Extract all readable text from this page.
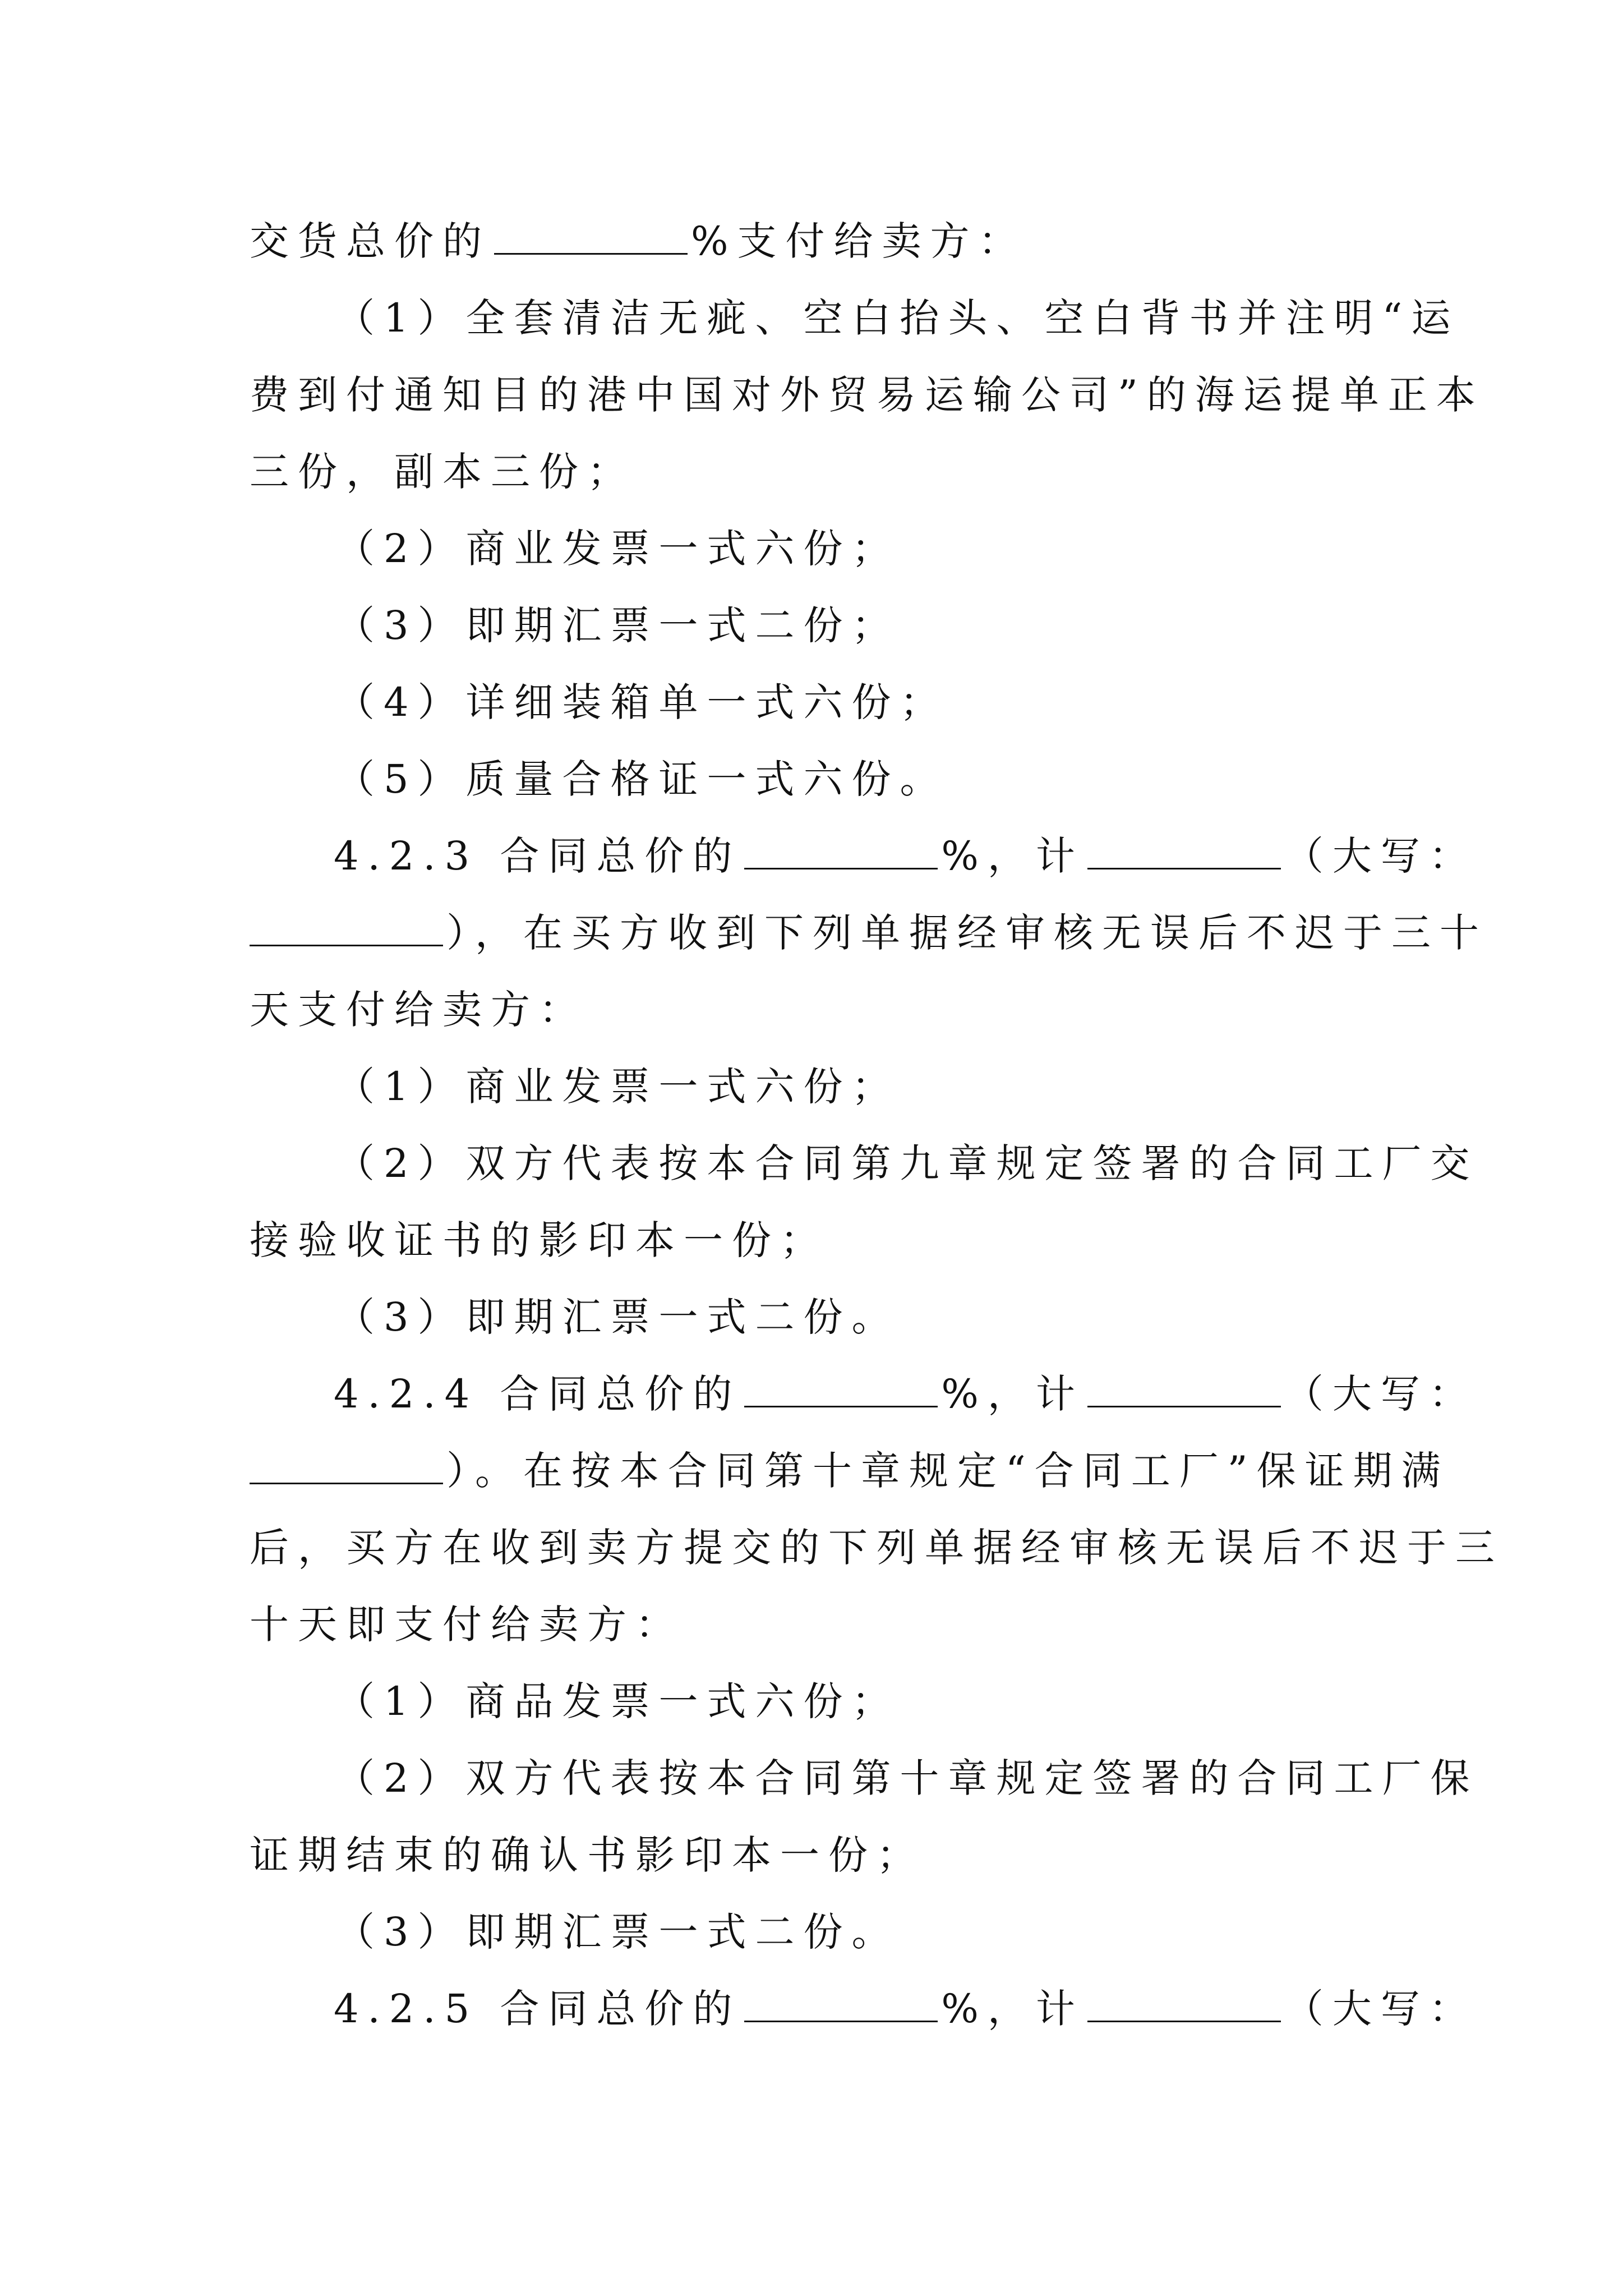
交货总价的	%支付给卖方：

（1）全套清洁无疵、空白抬头、空白背书并注明“运

费到付通知目的港中国对外贸易运输公司”的海运提单正本

三份，副本三份；

（2）商业发票一式六份；

（3）即期汇票一式二份；

（4）详细装箱单一式六份；

（5）质量合格证一式六份。

4.2.3 合同总价的	%，计	（大写：

），在买方收到下列单据经审核无误后不迟于三十

天支付给卖方：

（1）商业发票一式六份；

（2）双方代表按本合同第九章规定签署的合同工厂交

接验收证书的影印本一份；

（3）即期汇票一式二份。

4.2.4 合同总价的	%，计	（大写：

）。在按本合同第十章规定“合同工厂”保证期满

后，买方在收到卖方提交的下列单据经审核无误后不迟于三

十天即支付给卖方：

（1）商品发票一式六份；

（2）双方代表按本合同第十章规定签署的合同工厂保

证期结束的确认书影印本一份；

（3）即期汇票一式二份。

4.2.5 合同总价的	%，计	（大写：
